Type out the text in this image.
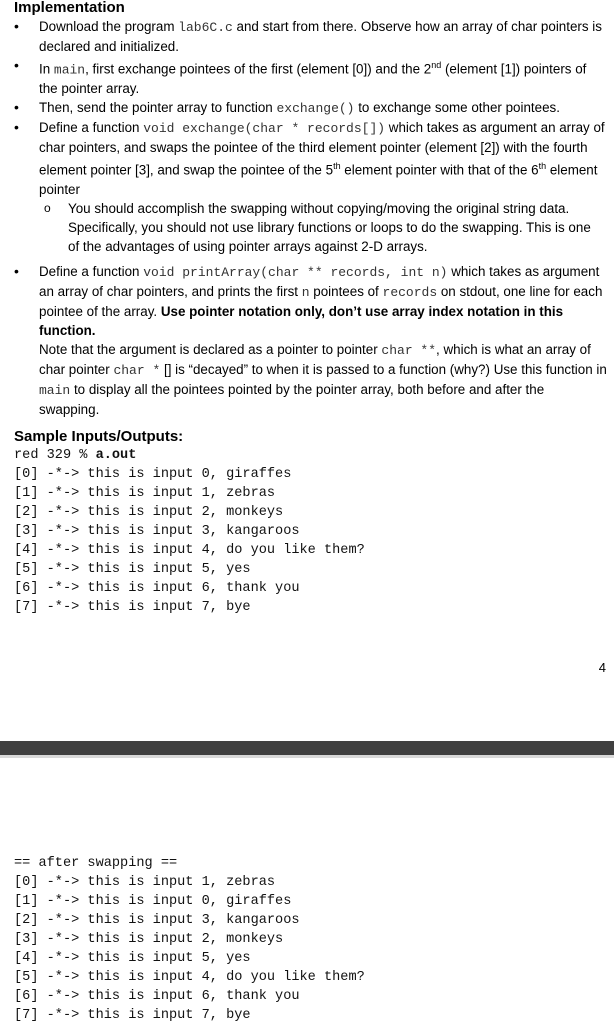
Implementation
• Download the program lab6C.c and start from there. Observe how an array of char pointers is declared and initialized.
• In main, first exchange pointees of the first (element [0]) and the 2nd (element [1]) pointers of the pointer array.
• Then, send the pointer array to function exchange() to exchange some other pointees.
• Define a function void exchange(char * records[]) which takes as argument an array of char pointers, and swaps the pointee of the third element pointer (element [2]) with the fourth element pointer [3], and swap the pointee of the 5th element pointer with that of the 6th element pointer
o You should accomplish the swapping without copying/moving the original string data. Specifically, you should not use library functions or loops to do the swapping. This is one of the advantages of using pointer arrays against 2-D arrays.
• Define a function void printArray(char ** records, int n) which takes as argument an array of char pointers, and prints the first n pointees of records on stdout, one line for each pointee of the array. Use pointer notation only, don’t use array index notation in this function.
Note that the argument is declared as a pointer to pointer char **, which is what an array of char pointer char * [] is “decayed” to when it is passed to a function (why?) Use this function in main to display all the pointees pointed by the pointer array, both before and after the swapping.
Sample Inputs/Outputs:
red 329 % a.out
[0] -*-> this is input 0, giraffes
[1] -*-> this is input 1, zebras
[2] -*-> this is input 2, monkeys
[3] -*-> this is input 3, kangaroos
[4] -*-> this is input 4, do you like them?
[5] -*-> this is input 5, yes
[6] -*-> this is input 6, thank you
[7] -*-> this is input 7, bye
4
== after swapping ==
[0] -*-> this is input 1, zebras
[1] -*-> this is input 0, giraffes
[2] -*-> this is input 3, kangaroos
[3] -*-> this is input 2, monkeys
[4] -*-> this is input 5, yes
[5] -*-> this is input 4, do you like them?
[6] -*-> this is input 6, thank you
[7] -*-> this is input 7, bye
